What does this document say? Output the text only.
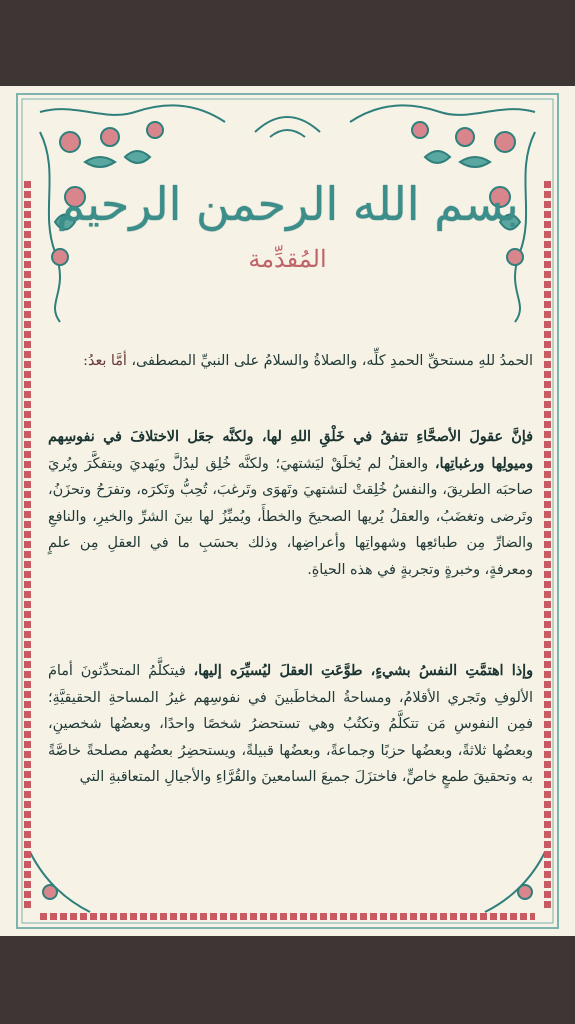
بسم الله الرحمن الرحيم
المُقدِّمة
الحمدُ للهِ مستحقِّ الحمدِ كلِّه، والصلاةُ والسلامُ على النبيِّ المصطفى، أمَّا بعدُ:
فإنَّ عقولَ الأصحَّاءِ تتفقُ في خَلْقِ اللهِ لها، ولكنَّه جعَل الاختلافَ في نفوسِهم وميولِها ورغباتِها، والعقلُ لم يُخلَقْ ليَشتهيَ؛ ولكنَّه خُلِق ليدُلَّ ويَهديَ ويتفكَّرَ ويُريَ صاحبَه الطريقَ، والنفسُ خُلِقتْ لتشتهيَ وتَهوَى وتَرغبَ، تُحِبُّ وتَكرَه، وتفرَحُ وتحزَنُ، وتَرضى وتغضَبُ، والعقلُ يُريها الصحيحَ والخطأَ، ويُميِّزُ لها بينَ الشرِّ والخيرِ، والنافعِ والضارِّ مِن طبائعِها وشهواتِها وأعراضِها، وذلك بحسَبِ ما في العقلِ مِن علمٍ ومعرفةٍ، وخبرةٍ وتجربةٍ في هذه الحياةِ.
وإذا اهتمَّتِ النفسُ بشيءٍ، طوَّعَتِ العقلَ ليُسيِّرَه إليها، فيتكلَّمُ المتحدِّثونَ أمامَ الألوفِ وتَجري الأقلامُ، ومساحةُ المخاطَبينَ في نفوسِهم غيرُ المساحةِ الحقيقيَّةِ؛ فمِن النفوسِ مَن تتكلَّمُ وتكتُبُ وهي تستحضرُ شخصًا واحدًا، وبعضُها شخصينِ، وبعضُها ثلاثةً، وبعضُها حزبًا وجماعةً، وبعضُها قبيلةً، ويستحضِرُ بعضُهم مصلحةً خاصَّةً به وتحقيقَ طمعٍ خاصٍّ، فاختزَلَ جميعَ السامعينَ والقُرَّاءِ والأجيالِ المتعاقبةِ التي
